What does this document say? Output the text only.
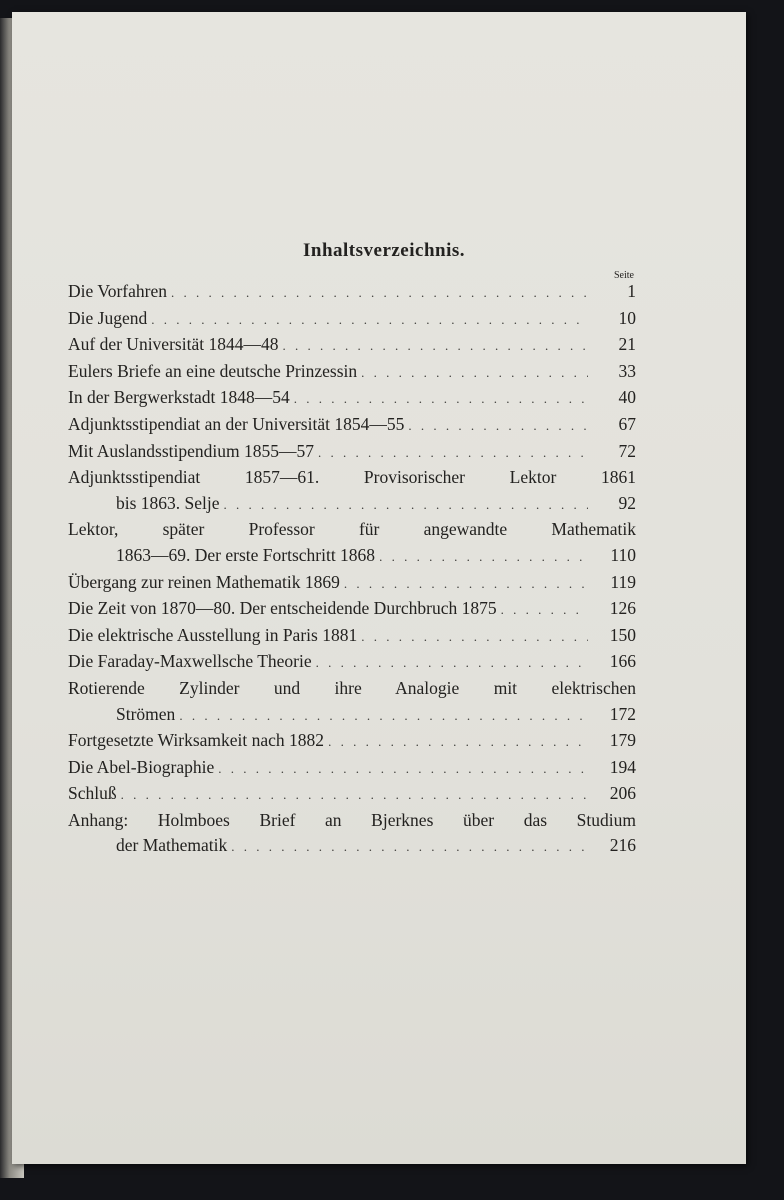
Inhaltsverzeichnis.
Seite
Die Vorfahren . . .	1
Die Jugend . . .	10
Auf der Universität 1844—48 . . .	21
Eulers Briefe an eine deutsche Prinzessin . . .	33
In der Bergwerkstadt 1848—54 . . .	40
Adjunktsstipendiat an der Universität 1854—55 . . .	67
Mit Auslandsstipendium 1855—57 . . .	72
Adjunktsstipendiat 1857—61. Provisorischer Lektor 1861
bis 1863. Selje . . .	92
Lektor, später Professor für angewandte Mathematik
1863—69. Der erste Fortschritt 1868 . . .	110
Übergang zur reinen Mathematik 1869 . . .	119
Die Zeit von 1870—80. Der entscheidende Durchbruch 1875 . . .	126
Die elektrische Ausstellung in Paris 1881 . . .	150
Die Faraday-Maxwellsche Theorie . . .	166
Rotierende Zylinder und ihre Analogie mit elektrischen
Strömen . . .	172
Fortgesetzte Wirksamkeit nach 1882 . . .	179
Die Abel-Biographie . . .	194
Schluß . . .	206
Anhang: Holmboes Brief an Bjerknes über das Studium
der Mathematik . . .	216
